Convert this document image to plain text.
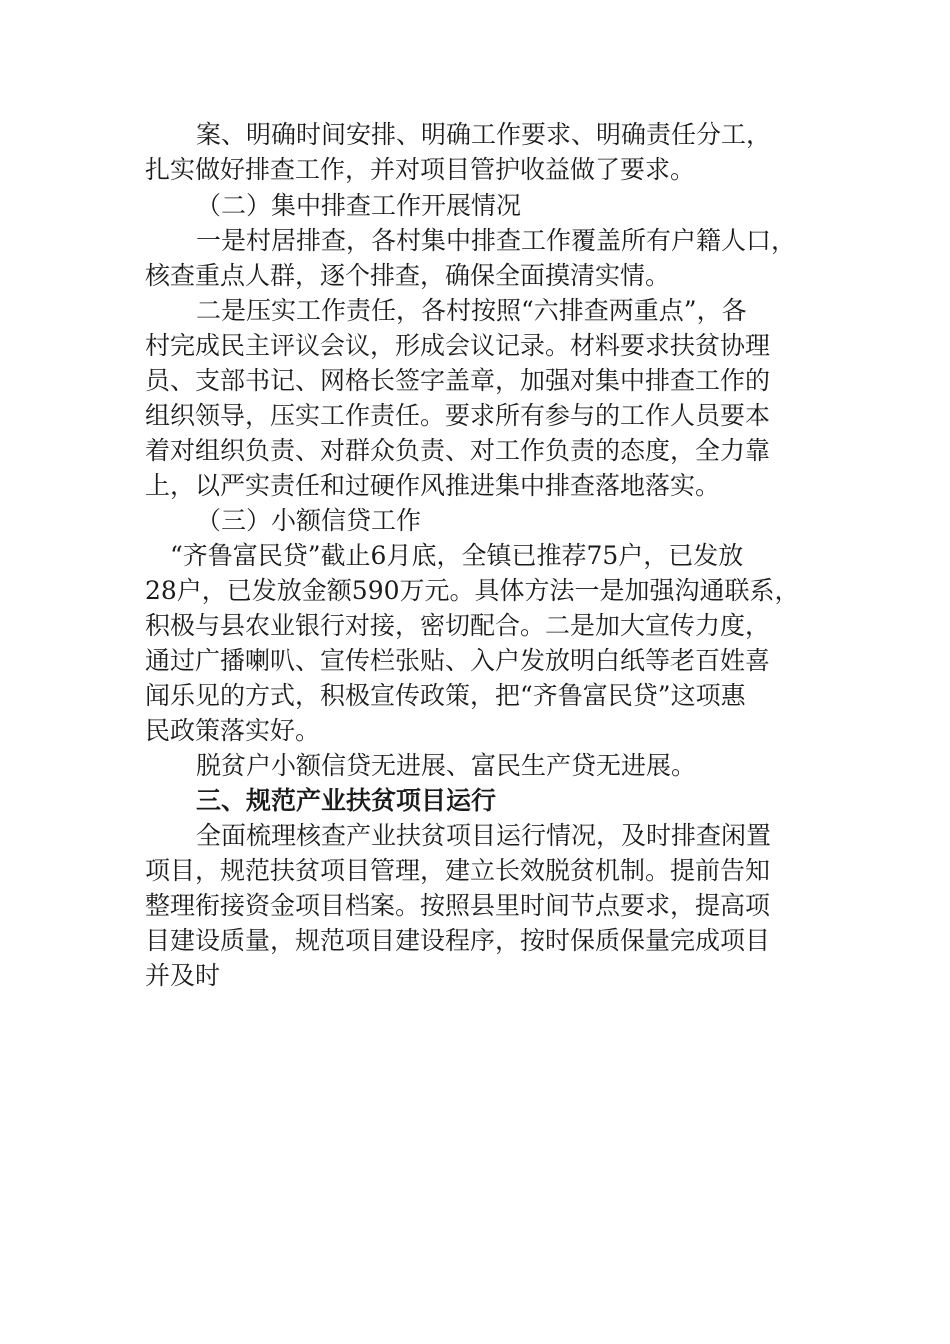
案、明确时间安排、明确工作要求、明确责任分工，
扎实做好排查工作，并对项目管护收益做了要求。
（二）集中排查工作开展情况
一是村居排查，各村集中排查工作覆盖所有户籍人口，
核查重点人群，逐个排查，确保全面摸清实情。
二是压实工作责任，各村按照“六排查两重点”，各
村完成民主评议会议，形成会议记录。材料要求扶贫协理
员、支部书记、网格长签字盖章，加强对集中排查工作的
组织领导，压实工作责任。要求所有参与的工作人员要本
着对组织负责、对群众负责、对工作负责的态度，全力靠
上，以严实责任和过硬作风推进集中排查落地落实。
（三）小额信贷工作
“齐鲁富民贷”截止6月底，全镇已推荐75户，已发放
28户，已发放金额590万元。具体方法一是加强沟通联系，
积极与县农业银行对接，密切配合。二是加大宣传力度，
通过广播喇叭、宣传栏张贴、入户发放明白纸等老百姓喜
闻乐见的方式，积极宣传政策，把“齐鲁富民贷”这项惠
民政策落实好。
脱贫户小额信贷无进展、富民生产贷无进展。
三、规范产业扶贫项目运行
全面梳理核查产业扶贫项目运行情况，及时排查闲置
项目，规范扶贫项目管理，建立长效脱贫机制。提前告知
整理衔接资金项目档案。按照县里时间节点要求，提高项
目建设质量，规范项目建设程序，按时保质保量完成项目
并及时
